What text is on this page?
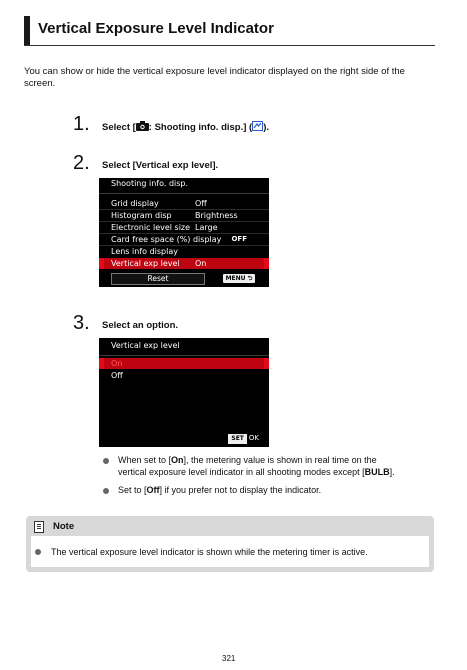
Vertical Exposure Level Indicator
You can show or hide the vertical exposure level indicator displayed on the right side of the screen.
1. Select [ : Shooting info. disp.] ( ).
2. Select [Vertical exp level].
Shooting info. disp.
Grid display	Off
Histogram disp	Brightness
Electronic level size Large
Card free space (%) display OFF
Lens info display
Vertical exp level On
Reset	MENU ⮌
3. Select an option.
Vertical exp level
On
Off
SET OK
When set to [On], the metering value is shown in real time on the
vertical exposure level indicator in all shooting modes except [BULB].
Set to [Off] if you prefer not to display the indicator.
Note
The vertical exposure level indicator is shown while the metering timer is active.
321
